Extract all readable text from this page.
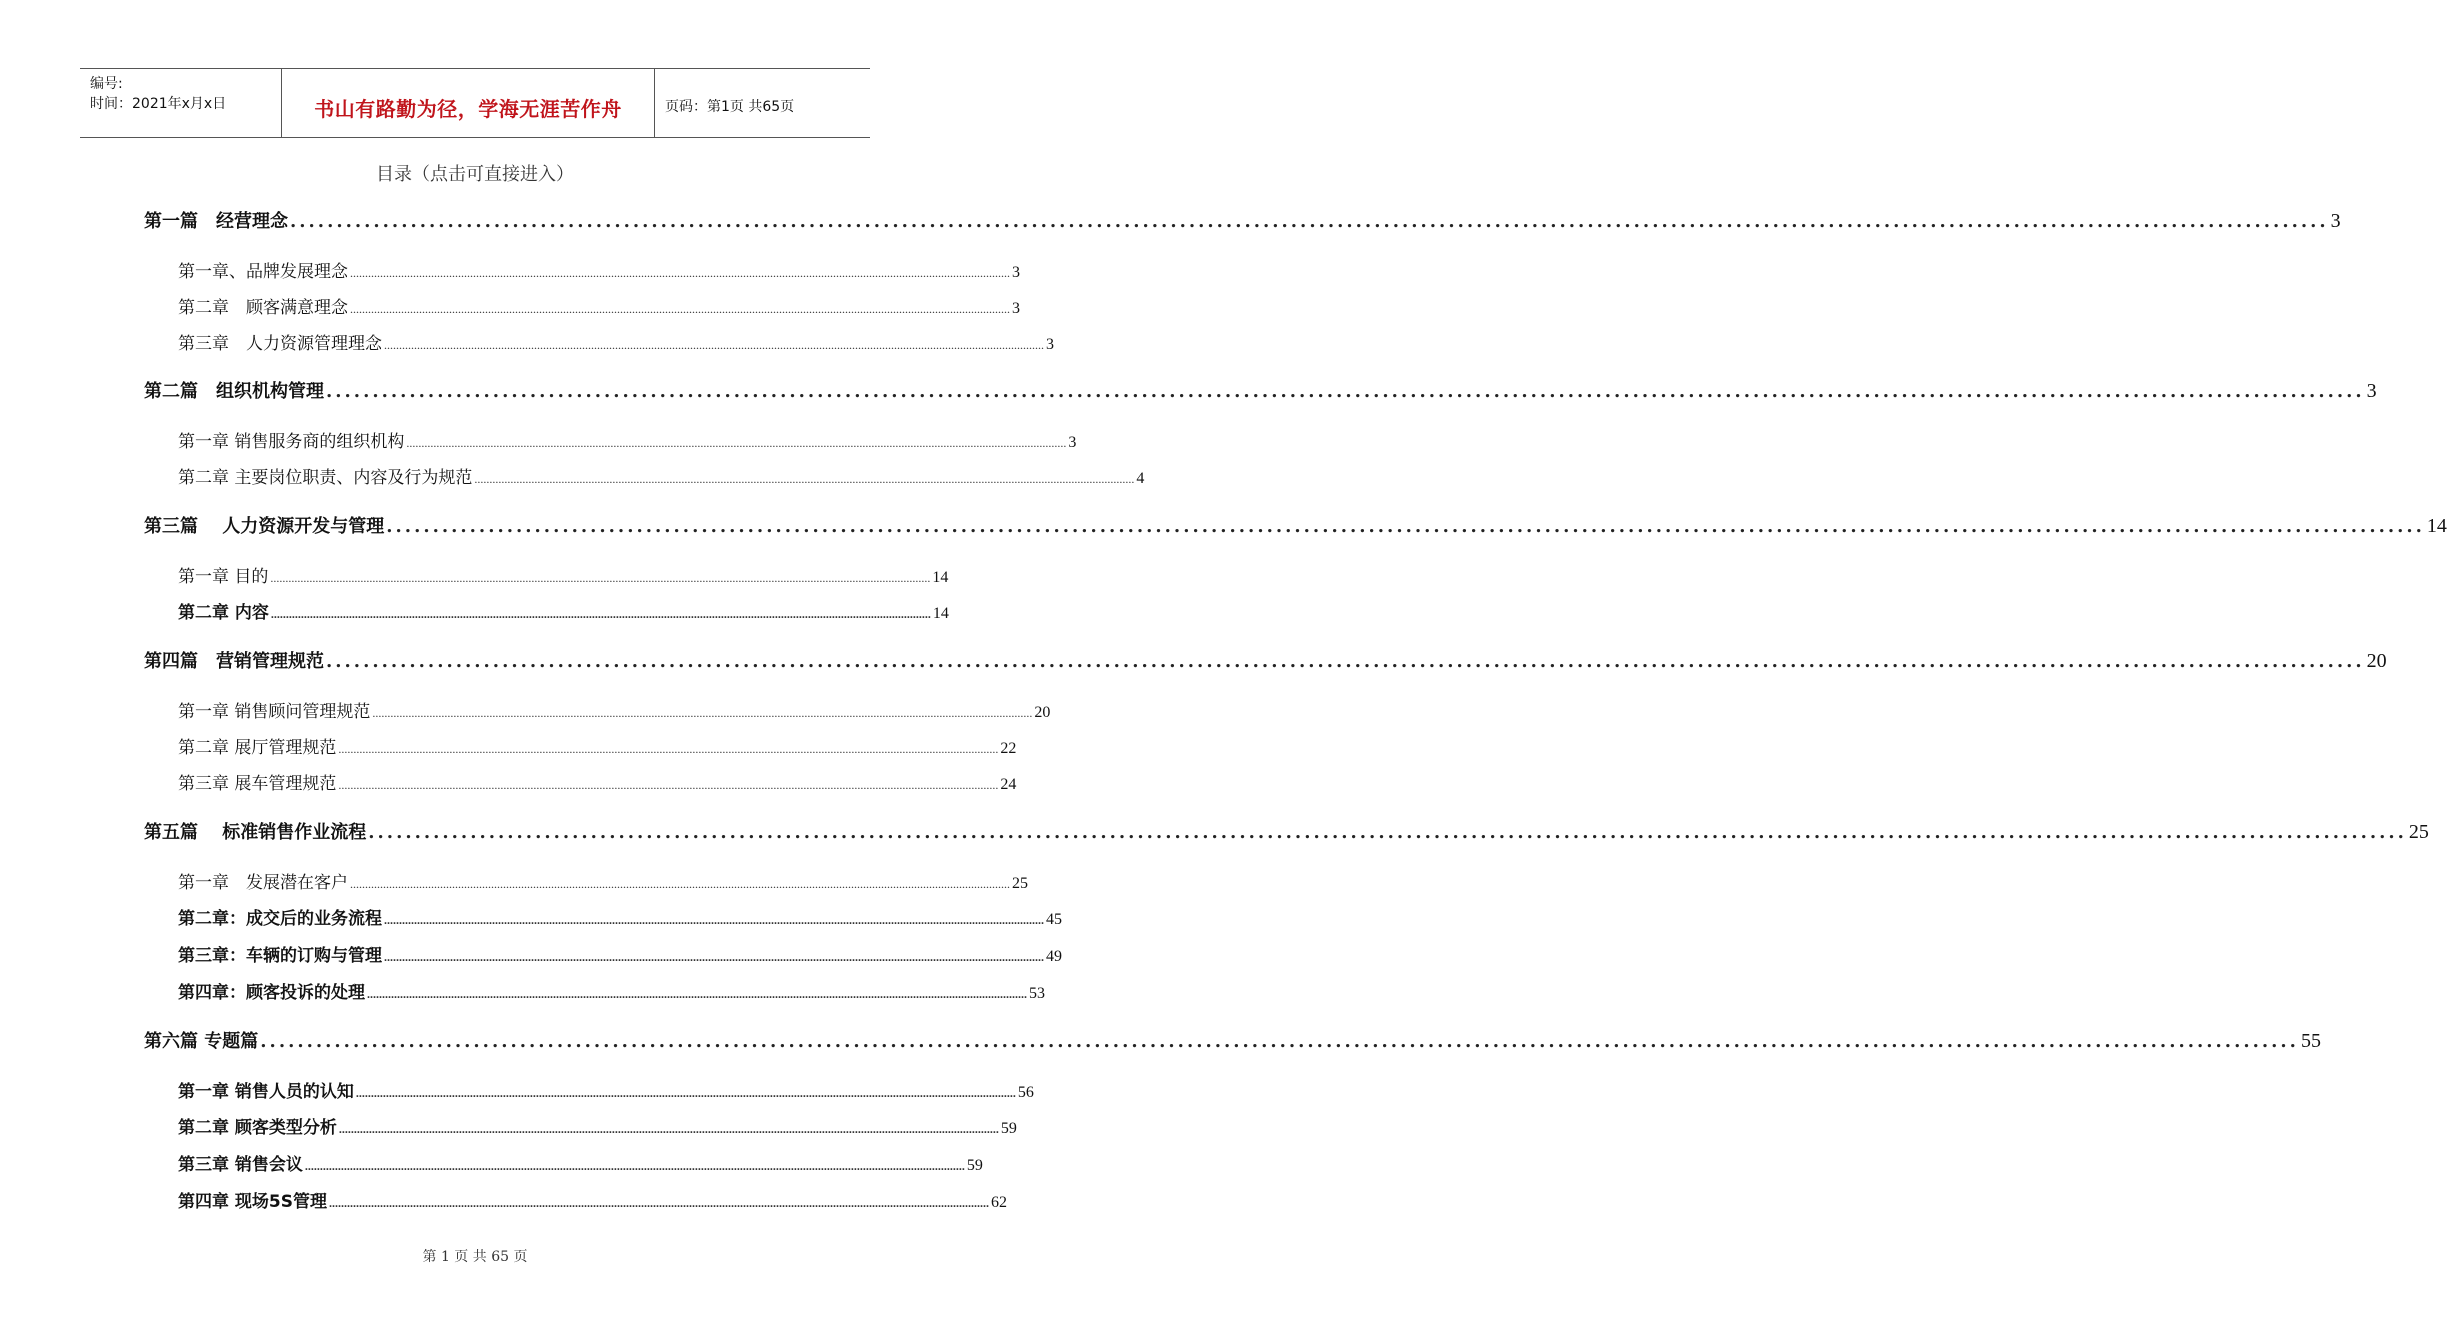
编号:
时间：2021年x月x日	书山有路勤为径，学海无涯苦作舟	页码：第1页 共65页
目录（点击可直接进入）
第一篇　经营理念 ............................................................................................................................................................................................................................ 3
第一章、品牌发展理念 ............................................................................................................................................................................................................................ 3
第二章　顾客满意理念 ............................................................................................................................................................................................................................ 3
第三章　人力资源管理理念 ............................................................................................................................................................................................................................ 3
第二篇　组织机构管理 ............................................................................................................................................................................................................................ 3
第一章 销售服务商的组织机构 ............................................................................................................................................................................................................................ 3
第二章 主要岗位职责、内容及行为规范 ............................................................................................................................................................................................................................ 4
第三篇　 人力资源开发与管理 ............................................................................................................................................................................................................................ 14
第一章 目的 ............................................................................................................................................................................................................................ 14
第二章 内容 ............................................................................................................................................................................................................................ 14
第四篇　营销管理规范 ............................................................................................................................................................................................................................ 20
第一章 销售顾问管理规范 ............................................................................................................................................................................................................................ 20
第二章 展厅管理规范 ............................................................................................................................................................................................................................ 22
第三章 展车管理规范 ............................................................................................................................................................................................................................ 24
第五篇　 标准销售作业流程 ............................................................................................................................................................................................................................ 25
第一章　发展潜在客户 ............................................................................................................................................................................................................................ 25
第二章：成交后的业务流程 ............................................................................................................................................................................................................................ 45
第三章：车辆的订购与管理 ............................................................................................................................................................................................................................ 49
第四章：顾客投诉的处理 ............................................................................................................................................................................................................................ 53
第六篇 专题篇 ............................................................................................................................................................................................................................ 55
第一章 销售人员的认知 ............................................................................................................................................................................................................................ 56
第二章 顾客类型分析 ............................................................................................................................................................................................................................ 59
第三章 销售会议 ............................................................................................................................................................................................................................ 59
第四章 现场5S管理 ............................................................................................................................................................................................................................ 62
第 1 页 共 65 页
